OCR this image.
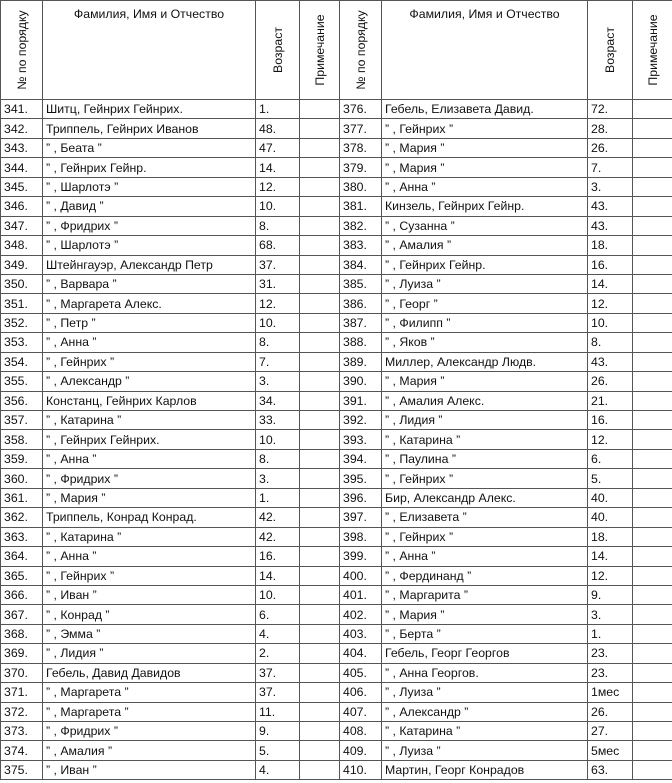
№ по порядку	Фамилия, Имя и Отчество	Возраст	Примечание	№ по порядку	Фамилия, Имя и Отчество	Возраст	Примечание

341.	Шитц, Гейнрих Гейнрих.	1.		376.	Гебель, Елизавета Давид.	72.	
342.	Триппель, Гейнрих Иванов	48.		377.	” , Гейнрих ”	28.	
343.	” , Беата ”	47.		378.	” , Мария ”	26.	
344.	” , Гейнрих Гейнр.	14.		379.	” , Мария ”	7.	
345.	” , Шарлотэ ”	12.		380.	” , Анна ”	3.	
346.	” , Давид ”	10.		381.	Кинзель, Гейнрих Гейнр.	43.	
347.	” , Фридрих ”	8.		382.	” , Сузанна ”	43.	
348.	” , Шарлотэ ”	68.		383.	” , Амалия ”	18.	
349.	Штейнгауэр, Александр Петр	37.		384.	” , Гейнрих Гейнр.	16.	
350.	” , Варвара ”	31.		385.	” , Луиза ”	14.	
351.	” , Маргарета Алекс.	12.		386.	” , Георг ”	12.	
352.	” , Петр ”	10.		387.	” , Филипп ”	10.	
353.	” , Анна ”	8.		388.	” , Яков ”	8.	
354.	” , Гейнрих ”	7.		389.	Миллер, Александр Людв.	43.	
355.	” , Александр ”	3.		390.	” , Мария ”	26.	
356.	Констанц, Гейнрих Карлов	34.		391.	” , Амалия Алекс.	21.	
357.	” , Катарина ”	33.		392.	” , Лидия ”	16.	
358.	” , Гейнрих Гейнрих.	10.		393.	” , Катарина ”	12.	
359.	” , Анна ”	8.		394.	” , Паулина ”	6.	
360.	” , Фридрих ”	3.		395.	” , Гейнрих ”	5.	
361.	” , Мария ”	1.		396.	Бир, Александр Алекс.	40.	
362.	Триппель, Конрад Конрад.	42.		397.	” , Елизавета ”	40.	
363.	” , Катарина ”	42.		398.	” , Гейнрих ”	18.	
364.	” , Анна ”	16.		399.	” , Анна ”	14.	
365.	” , Гейнрих ”	14.		400.	” , Фердинанд ”	12.	
366.	” , Иван ”	10.		401.	” , Маргарита ”	9.	
367.	” , Конрад ”	6.		402.	” , Мария ”	3.	
368.	” , Эмма ”	4.		403.	” , Берта ”	1.	
369.	” , Лидия ”	2.		404.	Гебель, Георг Георгов	23.	
370.	Гебель, Давид Давидов	37.		405.	” , Анна Георгов.	23.	
371.	” , Маргарета ”	37.		406.	” , Луиза ”	1мес	
372.	” , Маргарета ”	11.		407.	” , Александр ”	26.	
373.	” , Фридрих ”	9.		408.	” , Катарина ”	27.	
374.	” , Амалия ”	5.		409.	” , Луиза ”	5мес	
375.	” , Иван ”	4.		410.	Мартин, Георг Конрадов	63.	
